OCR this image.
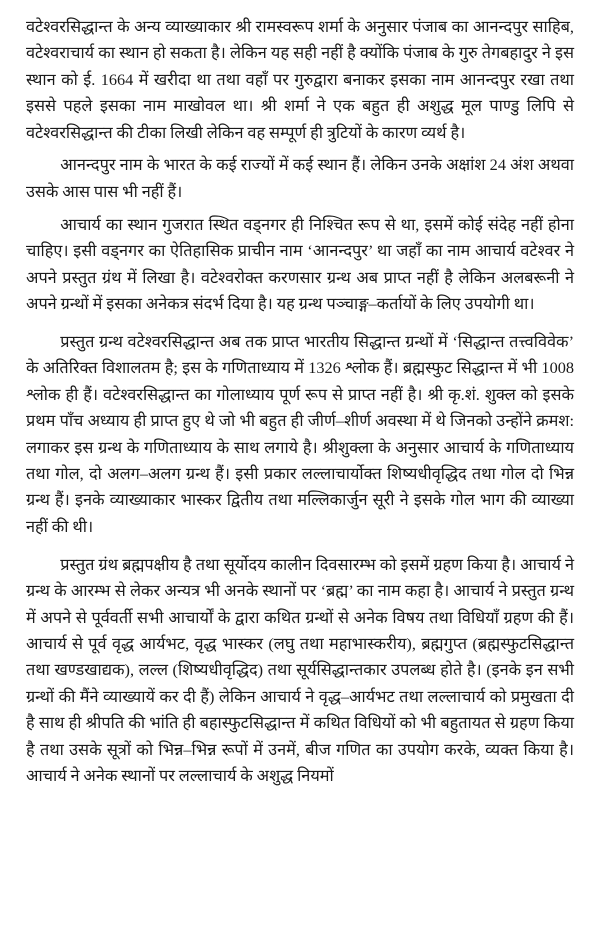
वटेश्वरसिद्धान्त के अन्य व्याख्याकार श्री रामस्वरूप शर्मा के अनुसार पंजाब का आनन्दपुर साहिब, वटेश्वराचार्य का स्थान हो सकता है। लेकिन यह सही नहीं है क्योंकि पंजाब के गुरु तेगबहादुर ने इस स्थान को ई. 1664 में खरीदा था तथा वहाँ पर गुरुद्वारा बनाकर इसका नाम आनन्दपुर रखा तथा इससे पहले इसका नाम माखोवल था। श्री शर्मा ने एक बहुत ही अशुद्ध मूल पाण्डु लिपि से वटेश्वरसिद्धान्त की टीका लिखी लेकिन वह सम्पूर्ण ही त्रुटियों के कारण व्यर्थ है।

आनन्दपुर नाम के भारत के कई राज्यों में कई स्थान हैं। लेकिन उनके अक्षांश 24 अंश अथवा उसके आस पास भी नहीं हैं।

आचार्य का स्थान गुजरात स्थित वड्नगर ही निश्चित रूप से था, इसमें कोई संदेह नहीं होना चाहिए। इसी वड्नगर का ऐतिहासिक प्राचीन नाम ‘आनन्दपुर’ था जहाँ का नाम आचार्य वटेश्वर ने अपने प्रस्तुत ग्रंथ में लिखा है। वटेश्वरोक्त करणसार ग्रन्थ अब प्राप्त नहीं है लेकिन अलबरूनी ने अपने ग्रन्थों में इसका अनेकत्र संदर्भ दिया है। यह ग्रन्थ पञ्चाङ्ग–कर्तायों के लिए उपयोगी था।

प्रस्तुत ग्रन्थ वटेश्वरसिद्धान्त अब तक प्राप्त भारतीय सिद्धान्त ग्रन्थों में ‘सिद्धान्त तत्त्वविवेक’ के अतिरिक्त विशालतम है; इस के गणिताध्याय में 1326 श्लोक हैं। ब्रह्मस्फुट सिद्धान्त में भी 1008 श्लोक ही हैं। वटेश्वरसिद्धान्त का गोलाध्याय पूर्ण रूप से प्राप्त नहीं है। श्री कृ.शं. शुक्ल को इसके प्रथम पाँच अध्याय ही प्राप्त हुए थे जो भी बहुत ही जीर्ण–शीर्ण अवस्था में थे जिनको उन्होंने क्रमश: लगाकर इस ग्रन्थ के गणिताध्याय के साथ लगाये है। श्रीशुक्ला के अनुसार आचार्य के गणिताध्याय तथा गोल, दो अलग–अलग ग्रन्थ हैं। इसी प्रकार लल्लाचार्योक्त शिष्यधीवृद्धिद तथा गोल दो भिन्न ग्रन्थ हैं। इनके व्याख्याकार भास्कर द्वितीय तथा मल्लिकार्जुन सूरी ने इसके गोल भाग की व्याख्या नहीं की थी।

प्रस्तुत ग्रंथ ब्रह्मपक्षीय है तथा सूर्योदय कालीन दिवसारम्भ को इसमें ग्रहण किया है। आचार्य ने ग्रन्थ के आरम्भ से लेकर अन्यत्र भी अनके स्थानों पर ‘ब्रह्म’ का नाम कहा है। आचार्य ने प्रस्तुत ग्रन्थ में अपने से पूर्ववर्ती सभी आचार्यों के द्वारा कथित ग्रन्थों से अनेक विषय तथा विधियाँ ग्रहण की हैं। आचार्य से पूर्व वृद्ध आर्यभट, वृद्ध भास्कर (लघु तथा महाभास्करीय), ब्रह्मगुप्त (ब्रह्मस्फुटसिद्धान्त तथा खण्डखाद्यक), लल्ल (शिष्यधीवृद्धिद) तथा सूर्यसिद्धान्तकार उपलब्ध होते है। (इनके इन सभी ग्रन्थों की मैंने व्याख्यायें कर दी हैं) लेकिन आचार्य ने वृद्ध–आर्यभट तथा लल्लाचार्य को प्रमुखता दी है साथ ही श्रीपति की भांति ही बहास्फुटसिद्धान्त में कथित विधियों को भी बहुतायत से ग्रहण किया है तथा उसके सूत्रों को भिन्न–भिन्न रूपों में उनमें, बीज गणित का उपयोग करके, व्यक्त किया है। आचार्य ने अनेक स्थानों पर लल्लाचार्य के अशुद्ध नियमों
